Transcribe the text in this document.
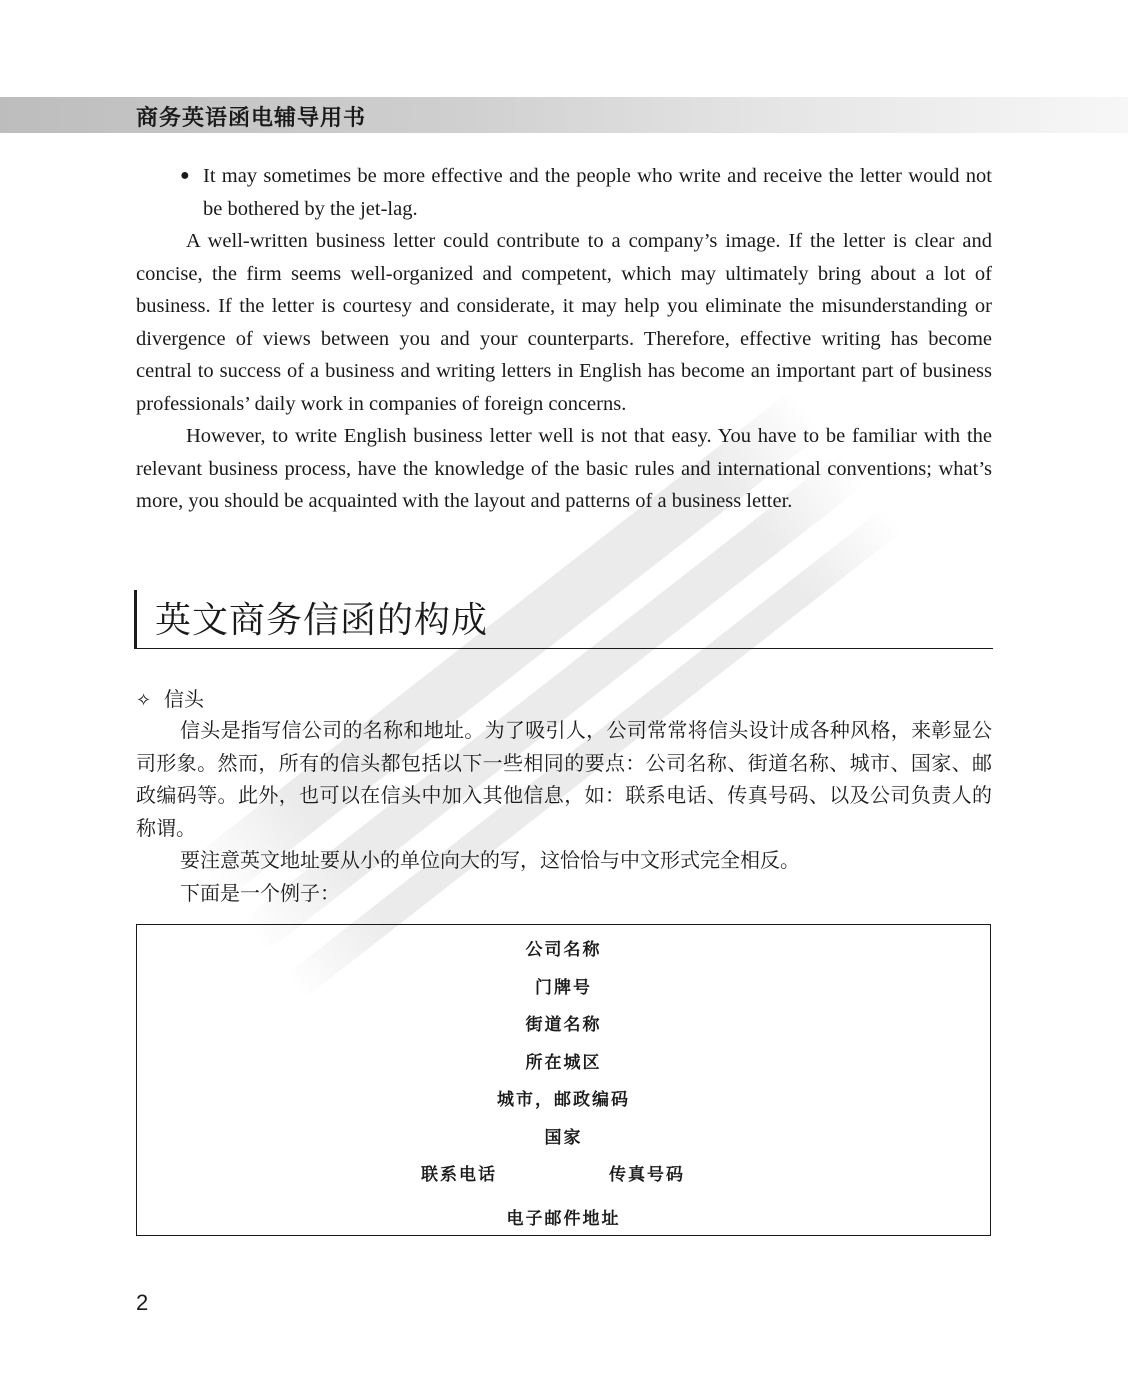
商务英语函电辅导用书
● It may sometimes be more effective and the people who write and receive the letter would not be bothered by the jet-lag.

A well-written business letter could contribute to a company’s image. If the letter is clear and concise, the firm seems well-organized and competent, which may ultimately bring about a lot of business. If the letter is courtesy and considerate, it may help you eliminate the misunderstanding or divergence of views between you and your counterparts. Therefore, effective writing has become central to success of a business and writing letters in English has become an important part of business professionals’ daily work in companies of foreign concerns.

However, to write English business letter well is not that easy. You have to be familiar with the relevant business process, have the knowledge of the basic rules and international conventions; what’s more, you should be acquainted with the layout and patterns of a business letter.

英文商务信函的构成
✧ 信头

信头是指写信公司的名称和地址。为了吸引人，公司常常将信头设计成各种风格，来彰显公司形象。然而，所有的信头都包括以下一些相同的要点：公司名称、街道名称、城市、国家、邮政编码等。此外，也可以在信头中加入其他信息，如：联系电话、传真号码、以及公司负责人的称谓。

要注意英文地址要从小的单位向大的写，这恰恰与中文形式完全相反。

下面是一个例子：

公司名称
门牌号
街道名称
所在城区
城市，邮政编码
国家
联系电话	传真号码
电子邮件地址
2
